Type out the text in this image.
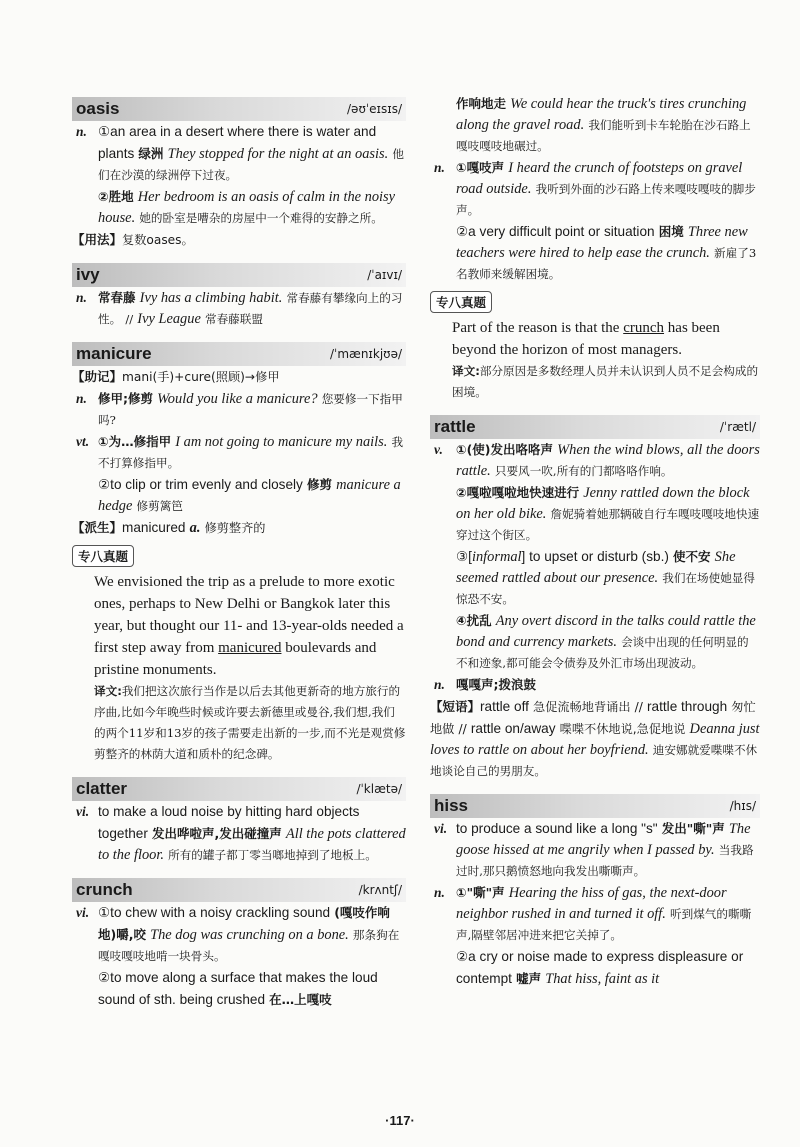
oasis	/əʊˈeɪsɪs/
n. ①an area in a desert where there is water and plants 绿洲 They stopped for the night at an oasis. 他们在沙漠的绿洲停下过夜。
②胜地 Her bedroom is an oasis of calm in the noisy house. 她的卧室是嘈杂的房屋中一个难得的安静之所。
【用法】复数oases。
ivy	/ˈaɪvɪ/
n. 常春藤 Ivy has a climbing habit. 常春藤有攀缘向上的习性。 // Ivy League 常春藤联盟
manicure	/ˈmænɪkjʊə/
【助记】mani(手)+cure(照顾)→修甲
n. 修甲;修剪 Would you like a manicure? 您要修一下指甲吗?
vt. ①为…修指甲 I am not going to manicure my nails. 我不打算修指甲。
②to clip or trim evenly and closely 修剪 manicure a hedge 修剪篱笆
【派生】manicured a. 修剪整齐的
专八真题
We envisioned the trip as a prelude to more exotic ones, perhaps to New Delhi or Bangkok later this year, but thought our 11- and 13-year-olds needed a first step away from manicured boulevards and pristine monuments.
译文:我们把这次旅行当作是以后去其他更新奇的地方旅行的序曲,比如今年晚些时候或许要去新德里或曼谷,我们想,我们的两个11岁和13岁的孩子需要走出新的一步,而不光是观赏修剪整齐的林荫大道和质朴的纪念碑。
clatter	/ˈklætə/
vi. to make a loud noise by hitting hard objects together 发出哗啦声,发出碰撞声 All the pots clattered to the floor. 所有的罐子都丁零当啷地掉到了地板上。
crunch	/krʌntʃ/
vi. ①to chew with a noisy crackling sound (嘎吱作响地)嚼,咬 The dog was crunching on a bone. 那条狗在嘎吱嘎吱地啃一块骨头。
②to move along a surface that makes the loud sound of sth. being crushed 在…上嘎吱
作响地走 We could hear the truck's tires crunching along the gravel road. 我们能听到卡车轮胎在沙石路上嘎吱嘎吱地碾过。
n. ①嘎吱声 I heard the crunch of footsteps on gravel road outside. 我听到外面的沙石路上传来嘎吱嘎吱的脚步声。
②a very difficult point or situation 困境 Three new teachers were hired to help ease the crunch. 新雇了3名教师来缓解困境。
专八真题
Part of the reason is that the crunch has been beyond the horizon of most managers.
译文:部分原因是多数经理人员并未认识到人员不足会构成的困境。
rattle	/ˈrætl/
v. ①(使)发出咯咯声 When the wind blows, all the doors rattle. 只要风一吹,所有的门都咯咯作响。
②嘎啦嘎啦地快速进行 Jenny rattled down the block on her old bike. 詹妮骑着她那辆破自行车嘎吱嘎吱地快速穿过这个街区。
③[informal] to upset or disturb (sb.) 使不安 She seemed rattled about our presence. 我们在场使她显得惊恐不安。
④扰乱 Any overt discord in the talks could rattle the bond and currency markets. 会谈中出现的任何明显的不和迹象,都可能会令债券及外汇市场出现波动。
n. 嘎嘎声;拨浪鼓
【短语】rattle off 急促流畅地背诵出 // rattle through 匆忙地做 // rattle on/away 喋喋不休地说,急促地说 Deanna just loves to rattle on about her boyfriend. 迪安娜就爱喋喋不休地谈论自己的男朋友。
hiss	/hɪs/
vi. to produce a sound like a long "s" 发出"嘶"声 The goose hissed at me angrily when I passed by. 当我路过时,那只鹅愤怒地向我发出嘶嘶声。
n. ①"嘶"声 Hearing the hiss of gas, the next-door neighbor rushed in and turned it off. 听到煤气的嘶嘶声,隔壁邻居冲进来把它关掉了。
②a cry or noise made to express displeasure or contempt 嘘声 That hiss, faint as it
·117·
